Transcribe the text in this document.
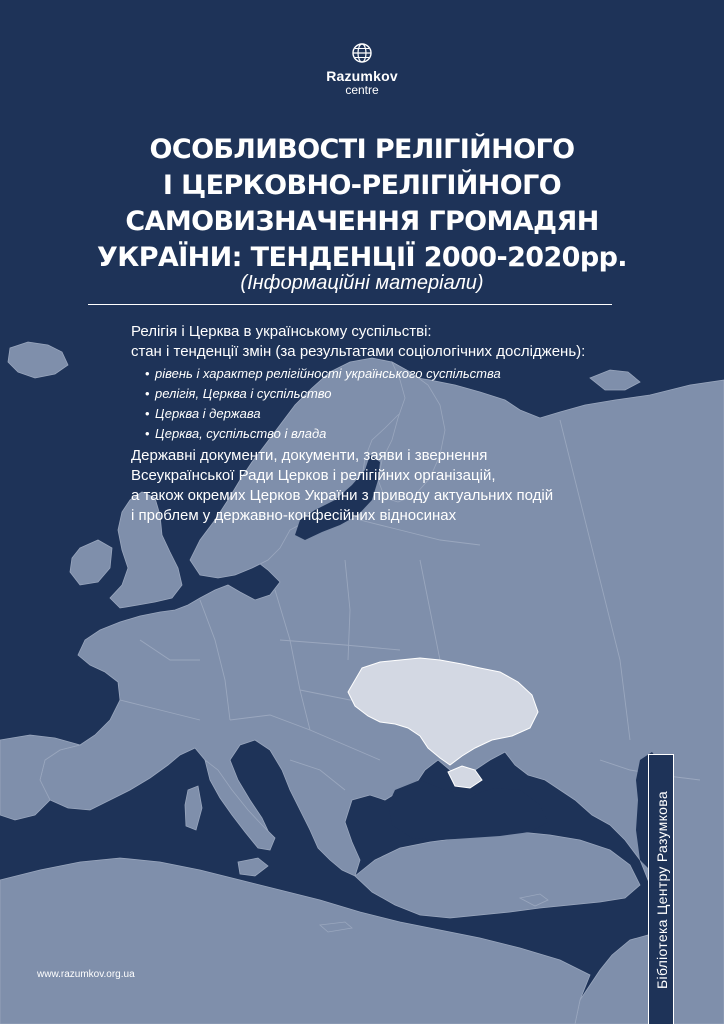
Razumkov
centre
ОСОБЛИВОСТІ РЕЛІГІЙНОГО
І ЦЕРКОВНО-РЕЛІГІЙНОГО
САМОВИЗНАЧЕННЯ ГРОМАДЯН
УКРАЇНИ: ТЕНДЕНЦІЇ 2000-2020рр.
(Інформаційні матеріали)
Релігія і Церква в українському суспільстві:
стан і тенденції змін (за результатами соціологічних досліджень):
• рівень і характер релігійності українського суспільства
• релігія, Церква і суспільство
• Церква і держава
• Церква, суспільство і влада
Державні документи, документи, заяви і звернення
Всеукраїнської Ради Церков і релігійних організацій,
а також окремих Церков України з приводу актуальних подій
і проблем у державно-конфесійних відносинах
www.razumkov.org.ua	Бібліотека Центру Разумкова
